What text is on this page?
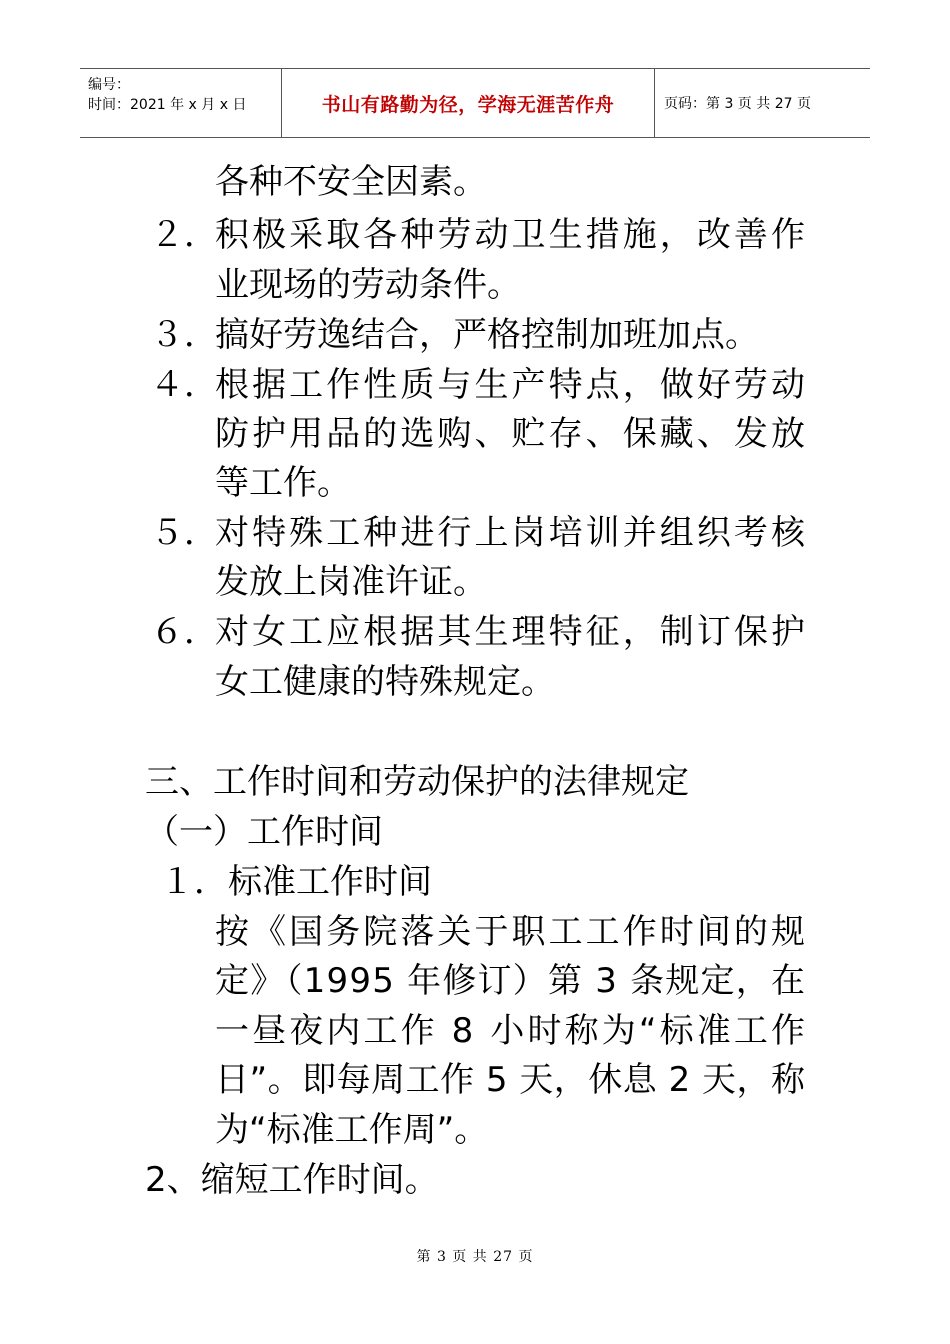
编号：
时间：2021 年 x 月 x 日	书山有路勤为径，学海无涯苦作舟	页码：第 3 页 共 27 页
各种不安全因素。
２．
积极采取各种劳动卫生措施，改善作
业现场的劳动条件。
３．
搞好劳逸结合，严格控制加班加点。
４．
根据工作性质与生产特点，做好劳动
防护用品的选购、贮存、保藏、发放
等工作。
５．
对特殊工种进行上岗培训并组织考核
发放上岗准许证。
６．
对女工应根据其生理特征，制订保护
女工健康的特殊规定。
三、工作时间和劳动保护的法律规定
（一）工作时间
１．标准工作时间
按《国务院落关于职工工作时间的规
定》（1995 年修订）第 3 条规定，在
一昼夜内工作 8 小时称为“标准工作
日”。即每周工作 5 天，休息 2 天，称
为“标准工作周”。
2、缩短工作时间。
第 3 页 共 27 页
